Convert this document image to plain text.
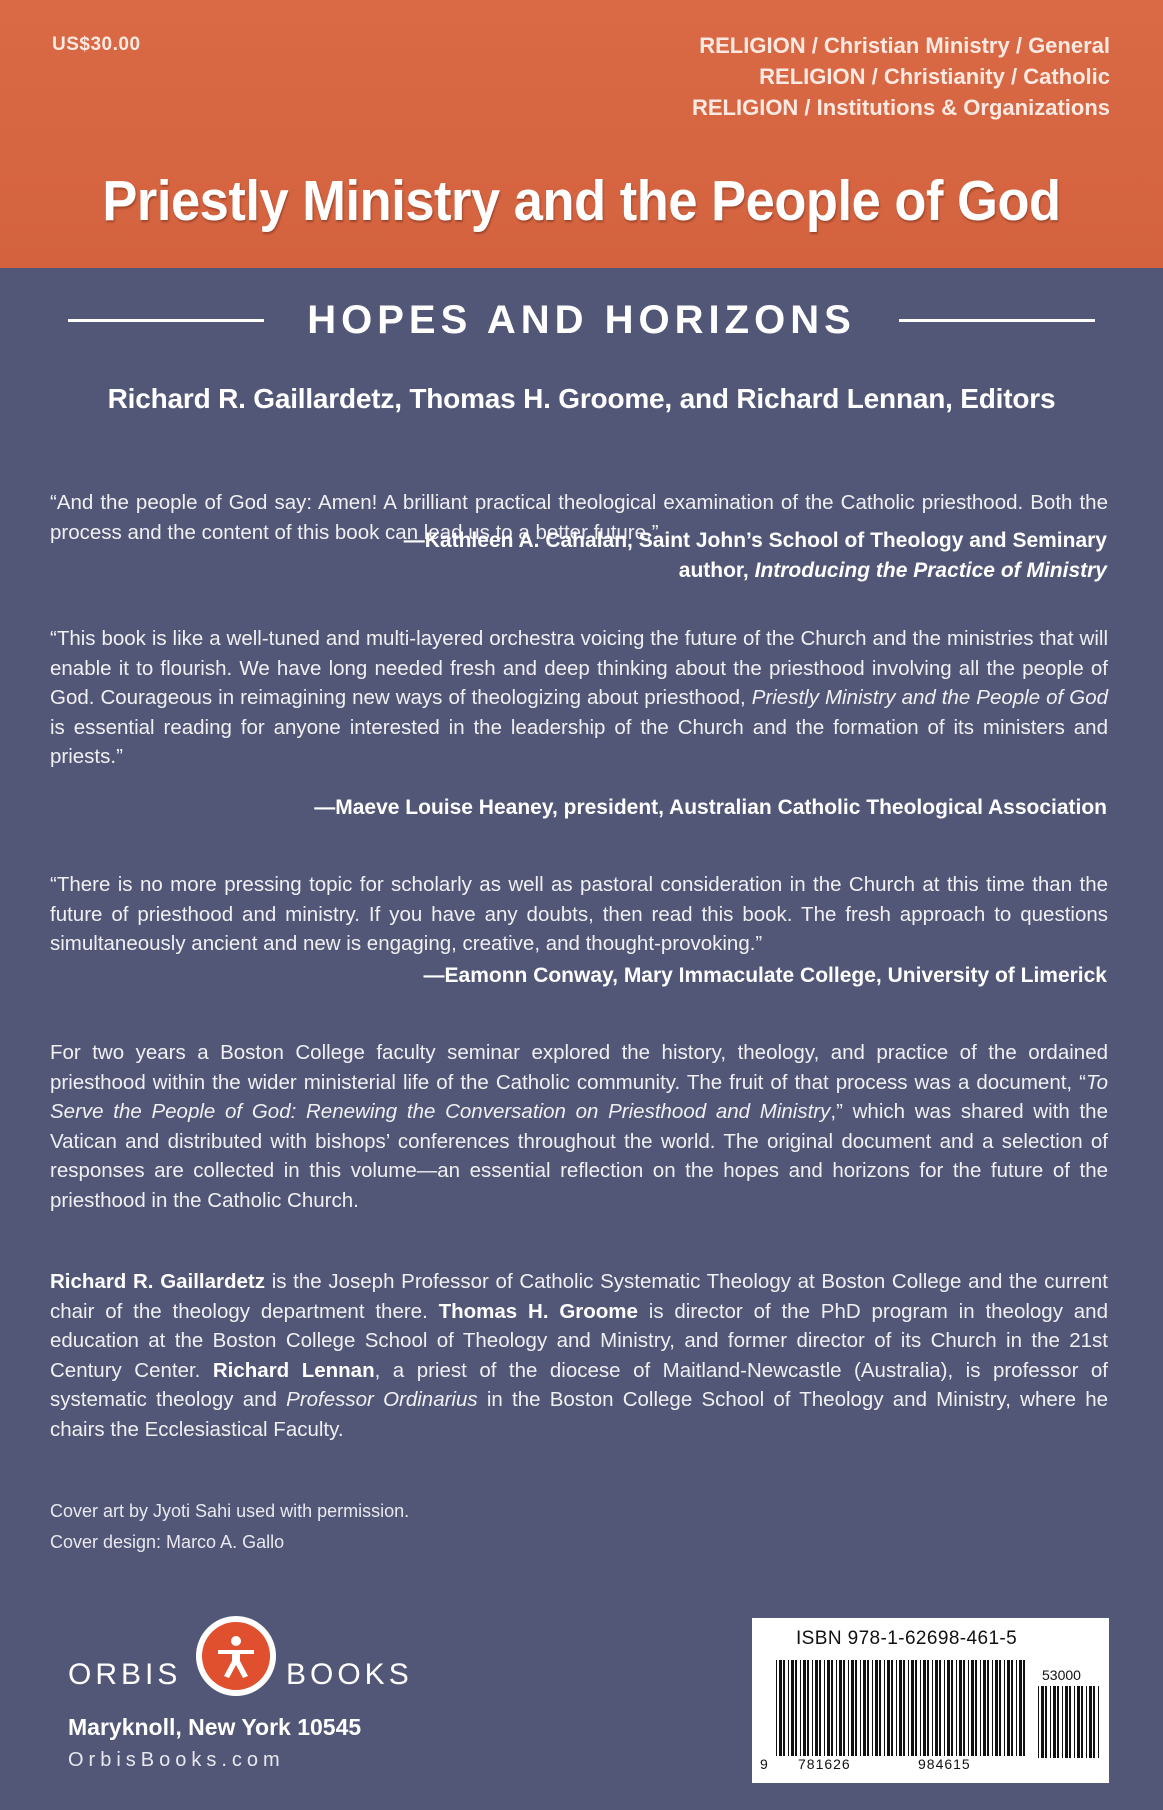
US$30.00	RELIGION / Christian Ministry / General
RELIGION / Christianity / Catholic
RELIGION / Institutions & Organizations
Priestly Ministry and the People of God
HOPES AND HORIZONS
Richard R. Gaillardetz, Thomas H. Groome, and Richard Lennan, Editors
“And the people of God say: Amen! A brilliant practical theological examination of the Catholic priesthood. Both the process and the content of this book can lead us to a better future.”
—Kathleen A. Cahalan, Saint John’s School of Theology and Seminary
author, Introducing the Practice of Ministry
“This book is like a well-tuned and multi-layered orchestra voicing the future of the Church and the ministries that will enable it to flourish. We have long needed fresh and deep thinking about the priesthood involving all the people of God. Courageous in reimagining new ways of theologizing about priesthood, Priestly Ministry and the People of God is essential reading for anyone interested in the leadership of the Church and the formation of its ministers and priests.”
—Maeve Louise Heaney, president, Australian Catholic Theological Association
“There is no more pressing topic for scholarly as well as pastoral consideration in the Church at this time than the future of priesthood and ministry. If you have any doubts, then read this book. The fresh approach to questions simultaneously ancient and new is engaging, creative, and thought-provoking.”
—Eamonn Conway, Mary Immaculate College, University of Limerick
For two years a Boston College faculty seminar explored the history, theology, and practice of the ordained priesthood within the wider ministerial life of the Catholic community. The fruit of that process was a document, “To Serve the People of God: Renewing the Conversation on Priesthood and Ministry,” which was shared with the Vatican and distributed with bishops’ conferences throughout the world. The original document and a selection of responses are collected in this volume—an essential reflection on the hopes and horizons for the future of the priesthood in the Catholic Church.
Richard R. Gaillardetz is the Joseph Professor of Catholic Systematic Theology at Boston College and the current chair of the theology department there. Thomas H. Groome is director of the PhD program in theology and education at the Boston College School of Theology and Ministry, and former director of its Church in the 21st Century Center. Richard Lennan, a priest of the diocese of Maitland-Newcastle (Australia), is professor of systematic theology and Professor Ordinarius in the Boston College School of Theology and Ministry, where he chairs the Ecclesiastical Faculty.
Cover art by Jyoti Sahi used with permission.
Cover design: Marco A. Gallo
ORBIS	BOOKS
Maryknoll, New York 10545
OrbisBooks.com
ISBN 978-1-62698-461-5
53000
9 781626	984615
